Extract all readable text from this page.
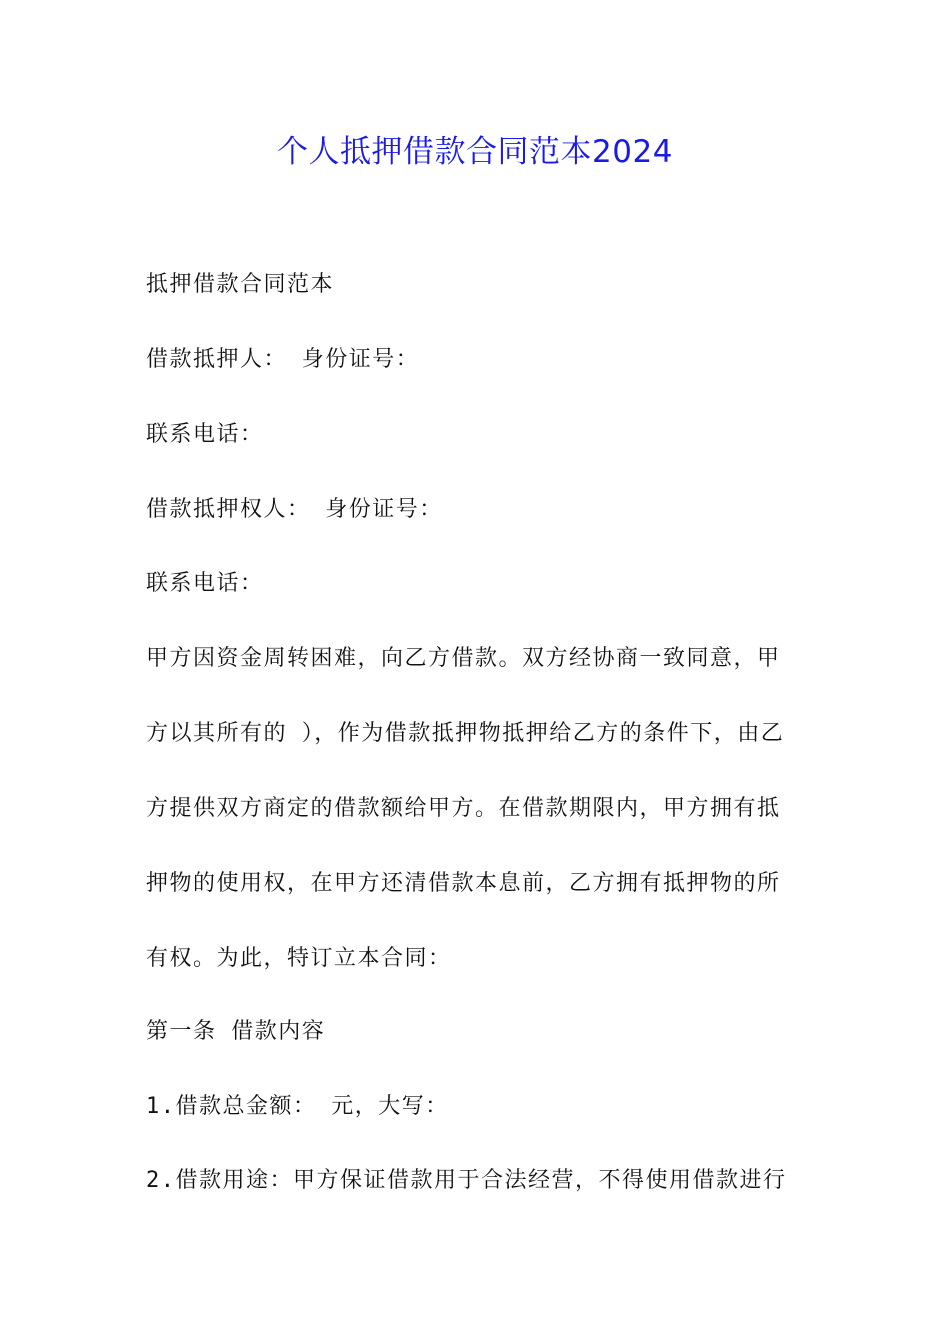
个人抵押借款合同范本2024
抵押借款合同范本
借款抵押人： 身份证号：
联系电话：
借款抵押权人： 身份证号：
联系电话：
甲方因资金周转困难，向乙方借款。双方经协商一致同意，甲
方以其所有的 ），作为借款抵押物抵押给乙方的条件下，由乙
方提供双方商定的借款额给甲方。在借款期限内，甲方拥有抵
押物的使用权，在甲方还清借款本息前，乙方拥有抵押物的所
有权。为此，特订立本合同：
第一条 借款内容
1.借款总金额： 元，大写：
2.借款用途：甲方保证借款用于合法经营，不得使用借款进行
